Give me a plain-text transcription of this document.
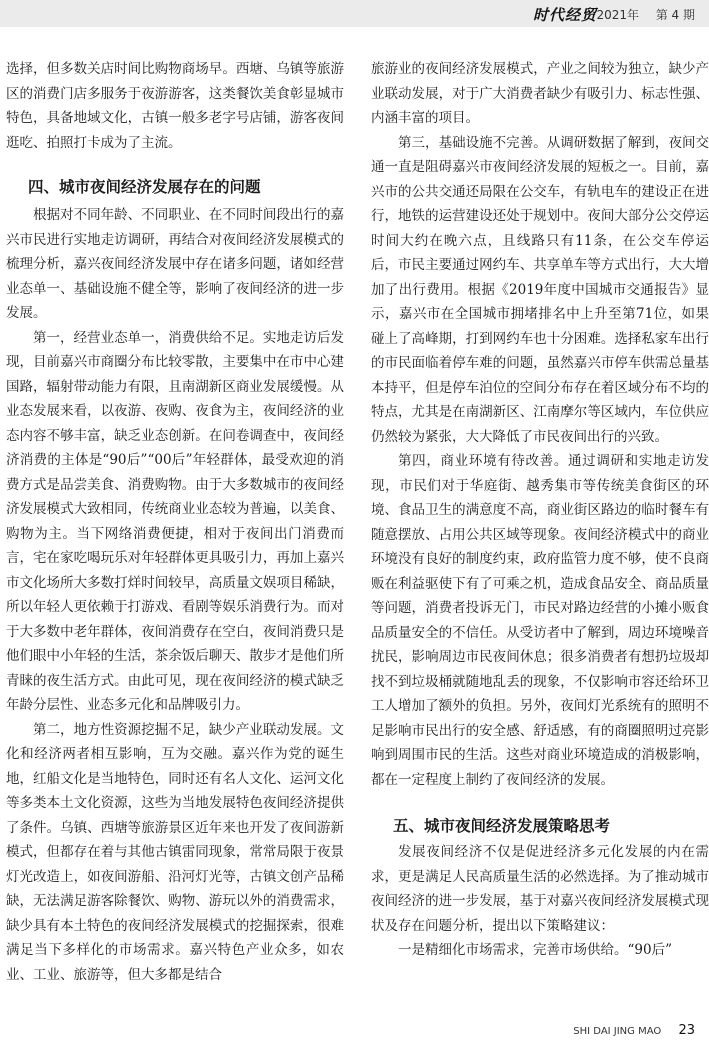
时代经贸 2021年 第 4 期

选择，但多数关店时间比购物商场早。西塘、乌镇等旅游区的消费门店多服务于夜游游客，这类餐饮美食彰显城市特色，具备地域文化，古镇一般多老字号店铺，游客夜间逛吃、拍照打卡成为了主流。

四、城市夜间经济发展存在的问题

根据对不同年龄、不同职业、在不同时间段出行的嘉兴市民进行实地走访调研，再结合对夜间经济发展模式的梳理分析，嘉兴夜间经济发展中存在诸多问题，诸如经营业态单一、基础设施不健全等，影响了夜间经济的进一步发展。

第一，经营业态单一，消费供给不足。实地走访后发现，目前嘉兴市商圈分布比较零散，主要集中在市中心建国路，辐射带动能力有限，且南湖新区商业发展缓慢。从业态发展来看，以夜游、夜购、夜食为主，夜间经济的业态内容不够丰富，缺乏业态创新。在问卷调查中，夜间经济消费的主体是“90后”“00后”年轻群体，最受欢迎的消费方式是品尝美食、消费购物。由于大多数城市的夜间经济发展模式大致相同，传统商业业态较为普遍，以美食、购物为主。当下网络消费便捷，相对于夜间出门消费而言，宅在家吃喝玩乐对年轻群体更具吸引力，再加上嘉兴市文化场所大多数打烊时间较早，高质量文娱项目稀缺，所以年轻人更依赖于打游戏、看剧等娱乐消费行为。而对于大多数中老年群体，夜间消费存在空白，夜间消费只是他们眼中小年轻的生活，茶余饭后聊天、散步才是他们所青睐的夜生活方式。由此可见，现在夜间经济的模式缺乏年龄分层性、业态多元化和品牌吸引力。

第二，地方性资源挖掘不足，缺少产业联动发展。文化和经济两者相互影响，互为交融。嘉兴作为党的诞生地，红船文化是当地特色，同时还有名人文化、运河文化等多类本土文化资源，这些为当地发展特色夜间经济提供了条件。乌镇、西塘等旅游景区近年来也开发了夜间游新模式，但都存在着与其他古镇雷同现象，常常局限于夜景灯光改造上，如夜间游船、沿河灯光等，古镇文创产品稀缺，无法满足游客除餐饮、购物、游玩以外的消费需求，缺少具有本土特色的夜间经济发展模式的挖掘探索，很难满足当下多样化的市场需求。嘉兴特色产业众多，如农业、工业、旅游等，但大多都是结合

旅游业的夜间经济发展模式，产业之间较为独立，缺少产业联动发展，对于广大消费者缺少有吸引力、标志性强、内涵丰富的项目。

第三，基础设施不完善。从调研数据了解到，夜间交通一直是阻碍嘉兴市夜间经济发展的短板之一。目前，嘉兴市的公共交通还局限在公交车，有轨电车的建设正在进行，地铁的运营建设还处于规划中。夜间大部分公交停运时间大约在晚六点，且线路只有11条，在公交车停运后，市民主要通过网约车、共享单车等方式出行，大大增加了出行费用。根据《2019年度中国城市交通报告》显示，嘉兴市在全国城市拥堵排名中上升至第71位，如果碰上了高峰期，打到网约车也十分困难。选择私家车出行的市民面临着停车难的问题，虽然嘉兴市停车供需总量基本持平，但是停车泊位的空间分布存在着区域分布不均的特点，尤其是在南湖新区、江南摩尔等区域内，车位供应仍然较为紧张，大大降低了市民夜间出行的兴致。

第四，商业环境有待改善。通过调研和实地走访发现，市民们对于华庭街、越秀集市等传统美食街区的环境、食品卫生的满意度不高，商业街区路边的临时餐车有随意摆放、占用公共区域等现象。夜间经济模式中的商业环境没有良好的制度约束，政府监管力度不够，使不良商贩在利益驱使下有了可乘之机，造成食品安全、商品质量等问题，消费者投诉无门，市民对路边经营的小摊小贩食品质量安全的不信任。从受访者中了解到，周边环境噪音扰民，影响周边市民夜间休息；很多消费者有想扔垃圾却找不到垃圾桶就随地乱丢的现象，不仅影响市容还给环卫工人增加了额外的负担。另外，夜间灯光系统有的照明不足影响市民出行的安全感、舒适感，有的商圈照明过亮影响到周围市民的生活。这些对商业环境造成的消极影响，都在一定程度上制约了夜间经济的发展。

五、城市夜间经济发展策略思考

发展夜间经济不仅是促进经济多元化发展的内在需求，更是满足人民高质量生活的必然选择。为了推动城市夜间经济的进一步发展，基于对嘉兴夜间经济发展模式现状及存在问题分析，提出以下策略建议：

一是精细化市场需求，完善市场供给。“90后”

SHI DAI JING MAO 23
